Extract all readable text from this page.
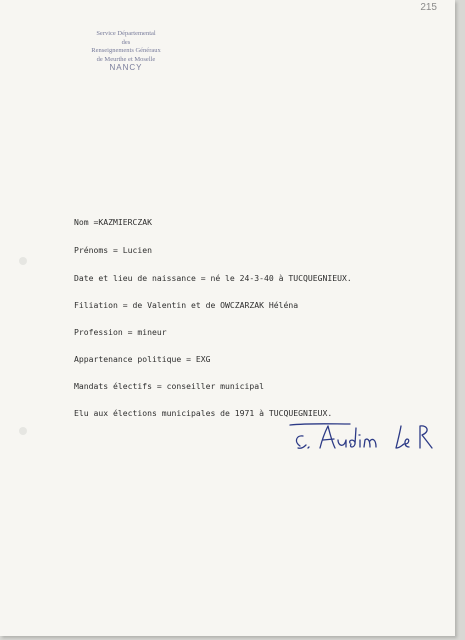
215
Service Départemental
des
Renseignements Généraux
de Meurthe et Moselle
NANCY
Nom =KAZMIERCZAK
Prénoms = Lucien
Date et lieu de naissance = né le 24-3-40 à TUCQUEGNIEUX.
Filiation = de Valentin et de OWCZARZAK Héléna
Profession = mineur
Appartenance politique = EXG
Mandats électifs = conseiller municipal
Elu aux élections municipales de 1971 à TUCQUEGNIEUX.
